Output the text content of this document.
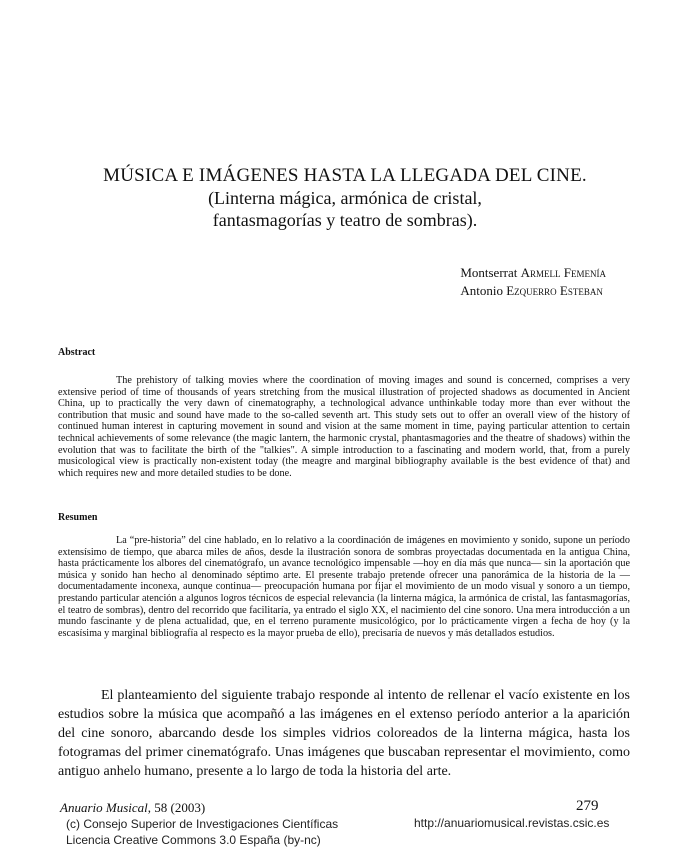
MÚSICA E IMÁGENES HASTA LA LLEGADA DEL CINE.
(Linterna mágica, armónica de cristal,
fantasmagorías y teatro de sombras).
Montserrat Armell Femenía
Antonio Ezquerro Esteban
Abstract

The prehistory of talking movies where the coordination of moving images and sound is concerned, comprises a very extensive period of time of thousands of years stretching from the musical illustration of projected shadows as documented in Ancient China, up to practically the very dawn of cinematography, a technological advance unthinkable today more than ever without the contribution that music and sound have made to the so-called seventh art. This study sets out to offer an overall view of the history of continued human interest in capturing movement in sound and vision at the same moment in time, paying particular attention to certain technical achievements of some relevance (the magic lantern, the harmonic crystal, phantasmagories and the theatre of shadows) within the evolution that was to facilitate the birth of the "talkies". A simple introduction to a fascinating and modern world, that, from a purely musicological view is practically non-existent today (the meagre and marginal bibliography available is the best evidence of that) and which requires new and more detailed studies to be done.

Resumen

La “pre-historia” del cine hablado, en lo relativo a la coordinación de imágenes en movimiento y sonido, supone un período extensísimo de tiempo, que abarca miles de años, desde la ilustración sonora de sombras proyectadas documentada en la antigua China, hasta prácticamente los albores del cinematógrafo, un avance tecnológico impensable —hoy en día más que nunca— sin la aportación que música y sonido han hecho al denominado séptimo arte. El presente trabajo pretende ofrecer una panorámica de la historia de la —documentadamente inconexa, aunque continua— preocupación humana por fijar el movimiento de un modo visual y sonoro a un tiempo, prestando particular atención a algunos logros técnicos de especial relevancia (la linterna mágica, la armónica de cristal, las fantasmagorías, el teatro de sombras), dentro del recorrido que facilitaría, ya entrado el siglo XX, el nacimiento del cine sonoro. Una mera introducción a un mundo fascinante y de plena actualidad, que, en el terreno puramente musicológico, por lo prácticamente virgen a fecha de hoy (y la escasísima y marginal bibliografía al respecto es la mayor prueba de ello), precisaría de nuevos y más detallados estudios.

El planteamiento del siguiente trabajo responde al intento de rellenar el vacío existente en los estudios sobre la música que acompañó a las imágenes en el extenso período anterior a la aparición del cine sonoro, abarcando desde los simples vidrios coloreados de la linterna mágica, hasta los fotogramas del primer cinematógrafo. Unas imágenes que buscaban representar el movimiento, como antiguo anhelo humano, presente a lo largo de toda la historia del arte.

Anuario Musical, 58 (2003)	279
(c) Consejo Superior de Investigaciones Científicas
Licencia Creative Commons 3.0 España (by-nc)
http://anuariomusical.revistas.csic.es
